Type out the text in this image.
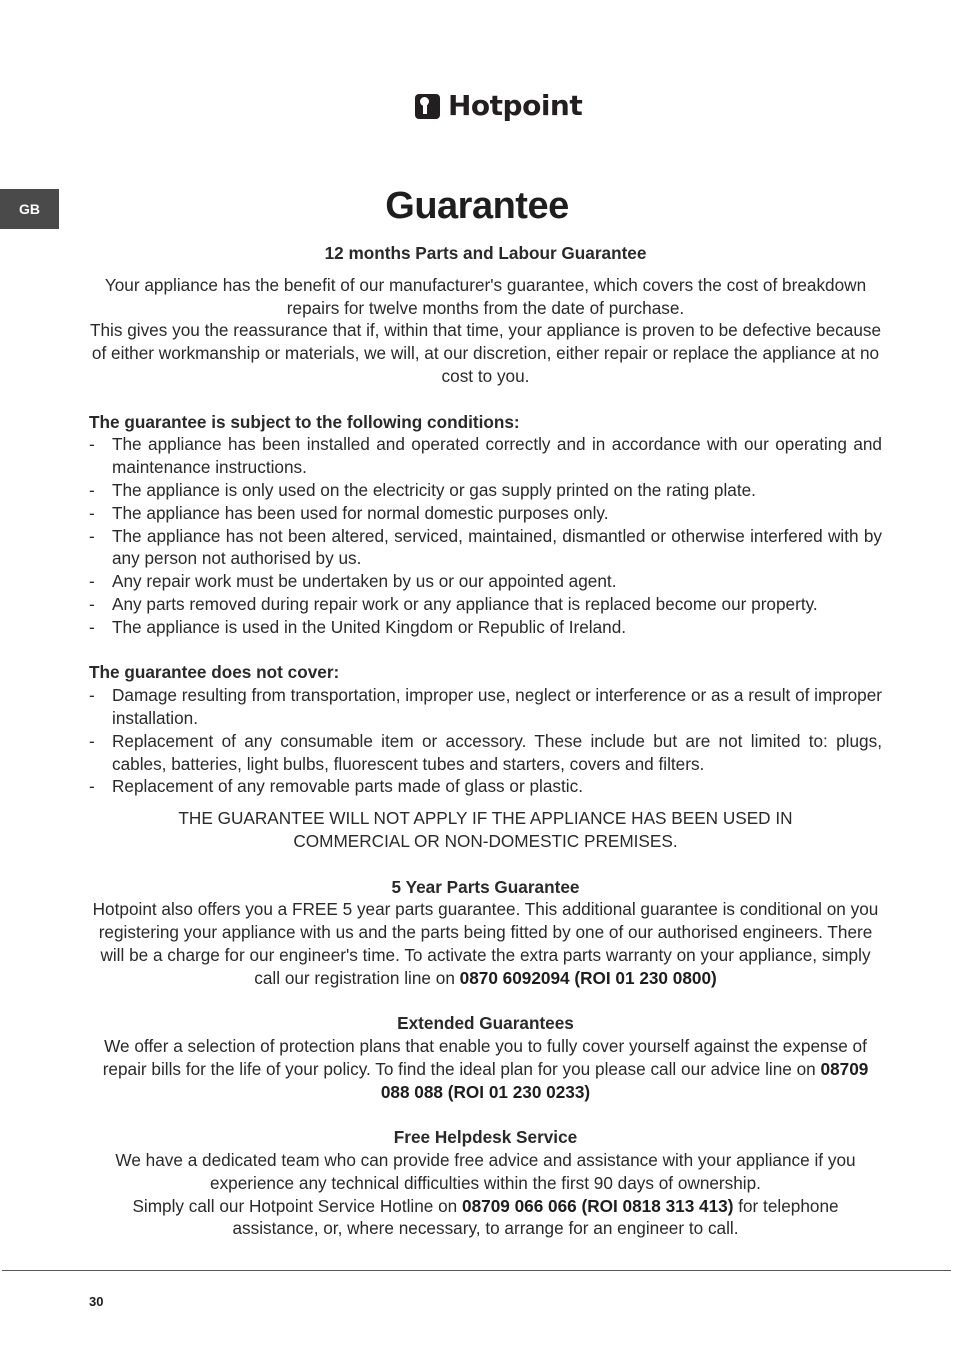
Hotpoint
GB	Guarantee

12 months Parts and Labour Guarantee

Your appliance has the benefit of our manufacturer's guarantee, which covers the cost of breakdown repairs for twelve months from the date of purchase.

This gives you the reassurance that if, within that time, your appliance is proven to be defective because of either workmanship or materials, we will, at our discretion, either repair or replace the appliance at no cost to you.

The guarantee is subject to the following conditions:

- The appliance has been installed and operated correctly and in accordance with our operating and maintenance instructions.
- The appliance is only used on the electricity or gas supply printed on the rating plate.
- The appliance has been used for normal domestic purposes only.
- The appliance has not been altered, serviced, maintained, dismantled or otherwise interfered with by any person not authorised by us.
- Any repair work must be undertaken by us or our appointed agent.
- Any parts removed during repair work or any appliance that is replaced become our property.
- The appliance is used in the United Kingdom or Republic of Ireland.

The guarantee does not cover:

- Damage resulting from transportation, improper use, neglect or interference or as a result of improper installation.
- Replacement of any consumable item or accessory. These include but are not limited to: plugs, cables, batteries, light bulbs, fluorescent tubes and starters, covers and filters.
- Replacement of any removable parts made of glass or plastic.

THE GUARANTEE WILL NOT APPLY IF THE APPLIANCE HAS BEEN USED IN COMMERCIAL OR NON-DOMESTIC PREMISES.

5 Year Parts Guarantee

Hotpoint also offers you a FREE 5 year parts guarantee. This additional guarantee is conditional on you registering your appliance with us and the parts being fitted by one of our authorised engineers. There will be a charge for our engineer's time. To activate the extra parts warranty on your appliance, simply call our registration line on 0870 6092094 (ROI 01 230 0800)

Extended Guarantees

We offer a selection of protection plans that enable you to fully cover yourself against the expense of repair bills for the life of your policy. To find the ideal plan for you please call our advice line on 08709 088 088 (ROI 01 230 0233)

Free Helpdesk Service

We have a dedicated team who can provide free advice and assistance with your appliance if you experience any technical difficulties within the first 90 days of ownership.

Simply call our Hotpoint Service Hotline on 08709 066 066 (ROI 0818 313 413) for telephone assistance, or, where necessary, to arrange for an engineer to call.

30
